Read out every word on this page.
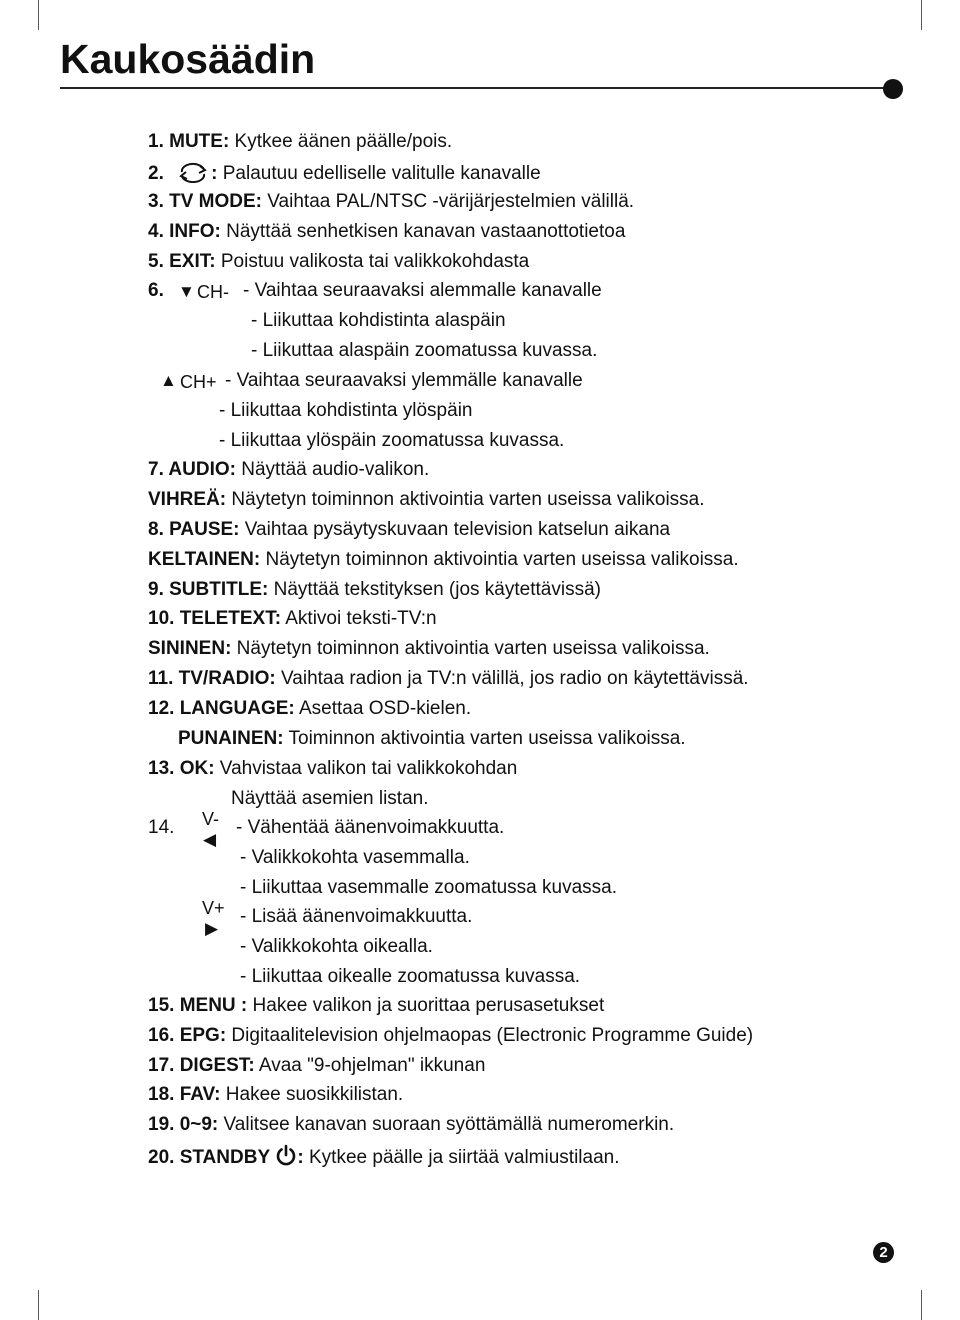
Kaukosäädin
1. MUTE: Kytkee äänen päälle/pois.
2. : Palautuu edelliselle valitulle kanavalle
3. TV MODE: Vaihtaa PAL/NTSC -värijärjestelmien välillä.
4. INFO: Näyttää senhetkisen kanavan vastaanottotietoa
5. EXIT: Poistuu valikosta tai valikkokohdasta
6. ▼ CH- - Vaihtaa seuraavaksi alemmalle kanavalle
- Liikuttaa kohdistinta alaspäin
- Liikuttaa alaspäin zoomatussa kuvassa.
▲ CH+ - Vaihtaa seuraavaksi ylemmälle kanavalle
- Liikuttaa kohdistinta ylöspäin
- Liikuttaa ylöspäin zoomatussa kuvassa.
7. AUDIO: Näyttää audio-valikon.
VIHREÄ: Näytetyn toiminnon aktivointia varten useissa valikoissa.
8. PAUSE: Vaihtaa pysäytyskuvaan television katselun aikana
KELTAINEN: Näytetyn toiminnon aktivointia varten useissa valikoissa.
9. SUBTITLE: Näyttää tekstityksen (jos käytettävissä)
10. TELETEXT: Aktivoi teksti-TV:n
SININEN: Näytetyn toiminnon aktivointia varten useissa valikoissa.
11. TV/RADIO: Vaihtaa radion ja TV:n välillä, jos radio on käytettävissä.
12. LANGUAGE: Asettaa OSD-kielen.
PUNAINEN: Toiminnon aktivointia varten useissa valikoissa.
13. OK: Vahvistaa valikon tai valikkokohdan
Näyttää asemien listan.
14. V-
◀
- Vähentää äänenvoimakkuutta.
- Valikkokohta vasemmalla.
- Liikuttaa vasemmalle zoomatussa kuvassa.
V+
▶
- Lisää äänenvoimakkuutta.
- Valikkokohta oikealla.
- Liikuttaa oikealle zoomatussa kuvassa.
15. MENU : Hakee valikon ja suorittaa perusasetukset
16. EPG: Digitaalitelevision ohjelmaopas (Electronic Programme Guide)
17. DIGEST: Avaa "9-ohjelman" ikkunan
18. FAV: Hakee suosikkilistan.
19. 0~9: Valitsee kanavan suoraan syöttämällä numeromerkin.
20. STANDBY : Kytkee päälle ja siirtää valmiustilaan.
2
